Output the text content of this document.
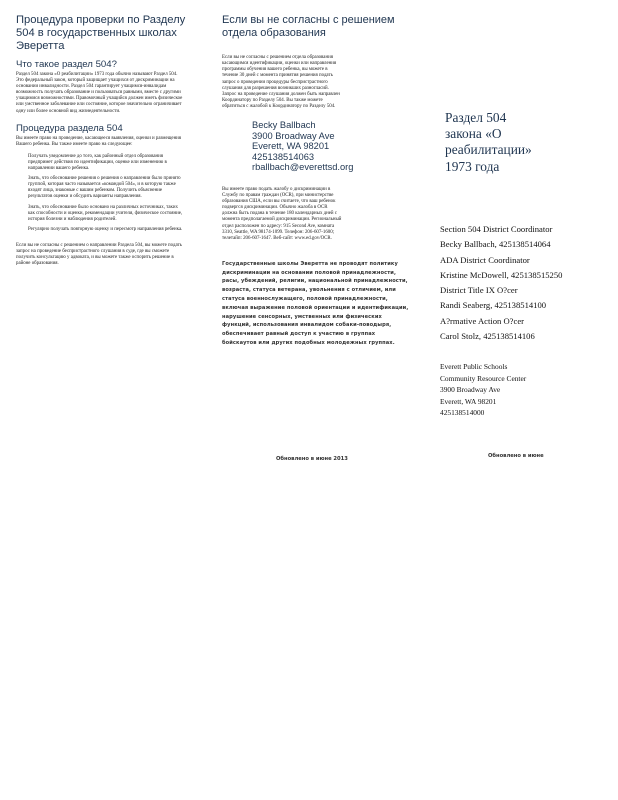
Процедура проверки по Разделу 504 в государственных школах Эверетта
Что такое раздел 504?

Раздел 504 закона «О реабилитации» 1973 года обычно называют Раздел 504. Это федеральный закон, который защищает учащихся от дискриминации на основании инвалидности. Раздел 504 гарантирует учащимся-инвалидам возможность получать образование и пользоваться равными, вместе с другими учащимися возможностями. Правомочный учащийся должен иметь физическое или умственное заболевание или состояние, которое значительно ограничивает одну или более основной вид жизнедеятельности.

Процедура раздела 504

Вы имеете право на проведение, касающееся выявления, оценки и размещения Вашего ребенка. Вы также имеете право на следующее:

Получать уведомление до того, как районный отдел образования предпримет действия по идентификации, оценке или изменению в направлении вашего ребенка.
Знать, что обоснование решения о решения о направлении было принято группой, которая часто называется «командой 504», и в которую также входят лица, знакомые с вашим ребенком. Получить объяснение результатов оценки и обсудить варианты направления.
Знать, что обоснование было основано на различных источниках, таких как способности и оценки, рекомендации учителя, физическое состояние, история болезни и наблюдения родителей.
Регулярно получать повторную оценку и пересмотр направления ребенка.

Если вы не согласны с решением о направлении Раздела 504, вы можете подать запрос на проведение беспристрастного слушания в суде, где вы сможете получить консультацию у адвоката, и вы можете также оспорить решение в районе образования.

Если вы не согласны с решением отдела образования

Если вы не согласны с решением отдела образования касающимся идентификации, оценки или направления программы обучения вашего ребенка, вы можете в течение 30 дней с момента принятия решения подать запрос о проведении процедуры беспристрастного слушания для разрешения возникших разногласий. Запрос на проведение слушания должен быть направлен Координатору по Разделу 504. Вы также можете обратиться с жалобой к Координатору по Разделу 504.

Becky Ballbach
3900 Broadway Ave
Everett, WA 98201
425138514063
rballbach@everettsd.org

Вы имеете право подать жалобу о дискриминации в Службу по правам граждан (OCR), при министерстве образования США, если вы считаете, что ваш ребенок подвергся дискриминации. Обычно жалоба в OCR должна быть подана в течение 180 календарных дней с момента предполагаемой дискриминации. Региональный отдел расположен по адресу: 915 Second Ave, комната 3310, Seattle, WA 98174-1099. Телефон: 206-607-1600; телетайп: 206-607-1647. Веб-сайт: www.ed.gov/OCR.

Государственные школы Эверетта не проводят политику дискриминации на основании половой принадлежности, расы, убеждений, религии, национальной принадлежности, возраста, статуса ветерана, увольнения с отличием, или статуса военнослужащего, половой принадлежности, включая выражение половой ориентации и идентификации, нарушение сенсорных, умственных или физических функций, использования инвалидом собаки-поводыря, обеспечивает равный доступ к участию в группах бойскаутов или других подобных молодежных группах.

Обновлено в июне 2013

Раздел 504

закона «О

реабилитации»

1973 года

Section 504 District Coordinator

Becky Ballbach, 425138514064

ADA District Coordinator

Kristine McDowell, 425138515250

District Title IX O?cer

Randi Seaberg, 425138514100

A?rmative Action O?cer

Carol Stolz, 425138514106

Everett Public Schools

Community Resource Center

3900 Broadway Ave

Everett, WA 98201

425138514000

Обновлено в июне
